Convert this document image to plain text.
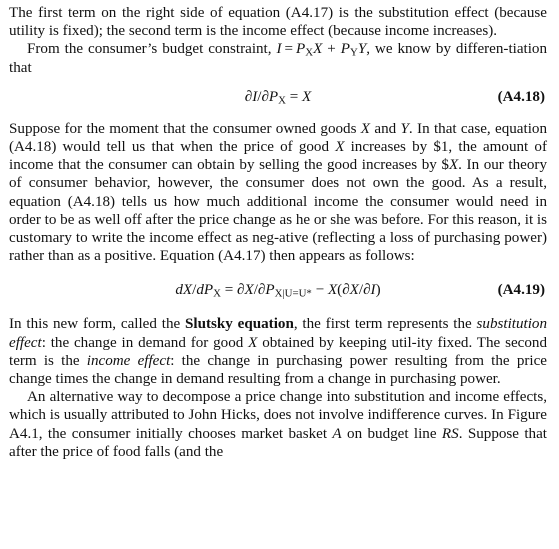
The first term on the right side of equation (A4.17) is the substitution effect (because utility is fixed); the second term is the income effect (because income increases).

From the consumer’s budget constraint, $I = P_XX + P_YY$, we know by differen-tiation that

$\partial I/\partial P_X = X$	(A4.18)

Suppose for the moment that the consumer owned goods X and Y. In that case, equation (A4.18) would tell us that when the price of good X increases by $1, the amount of income that the consumer can obtain by selling the good increases by $X. In our theory of consumer behavior, however, the consumer does not own the good. As a result, equation (A4.18) tells us how much additional income the consumer would need in order to be as well off after the price change as he or she was before. For this reason, it is customary to write the income effect as neg-ative (reflecting a loss of purchasing power) rather than as a positive. Equation (A4.17) then appears as follows:

$dX/dP_X = \partial X/\partial P_{X|U=U*} - X(\partial X/\partial I)$	(A4.19)

In this new form, called the Slutsky equation, the first term represents the substitution effect: the change in demand for good X obtained by keeping util-ity fixed. The second term is the income effect: the change in purchasing power resulting from the price change times the change in demand resulting from a change in purchasing power.

An alternative way to decompose a price change into substitution and income effects, which is usually attributed to John Hicks, does not involve indifference curves. In Figure A4.1, the consumer initially chooses market basket A on budget line RS. Suppose that after the price of food falls (and the
